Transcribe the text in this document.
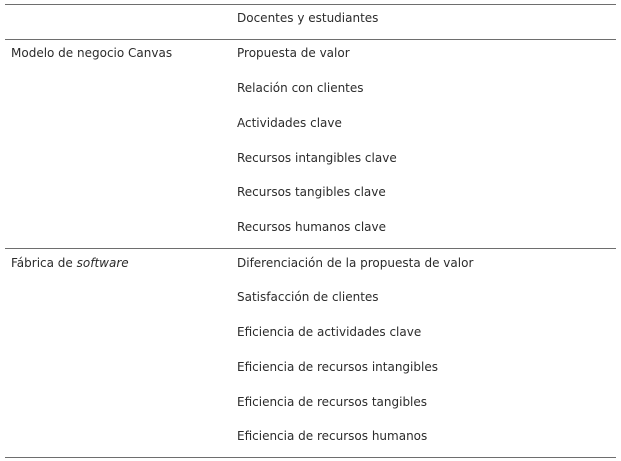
Docentes y estudiantes
Modelo de negocio Canvas	Propuesta de valor
Relación con clientes
Actividades clave
Recursos intangibles clave
Recursos tangibles clave
Recursos humanos clave
Fábrica de software	Diferenciación de la propuesta de valor
Satisfacción de clientes
Eficiencia de actividades clave
Eficiencia de recursos intangibles
Eficiencia de recursos tangibles
Eficiencia de recursos humanos
